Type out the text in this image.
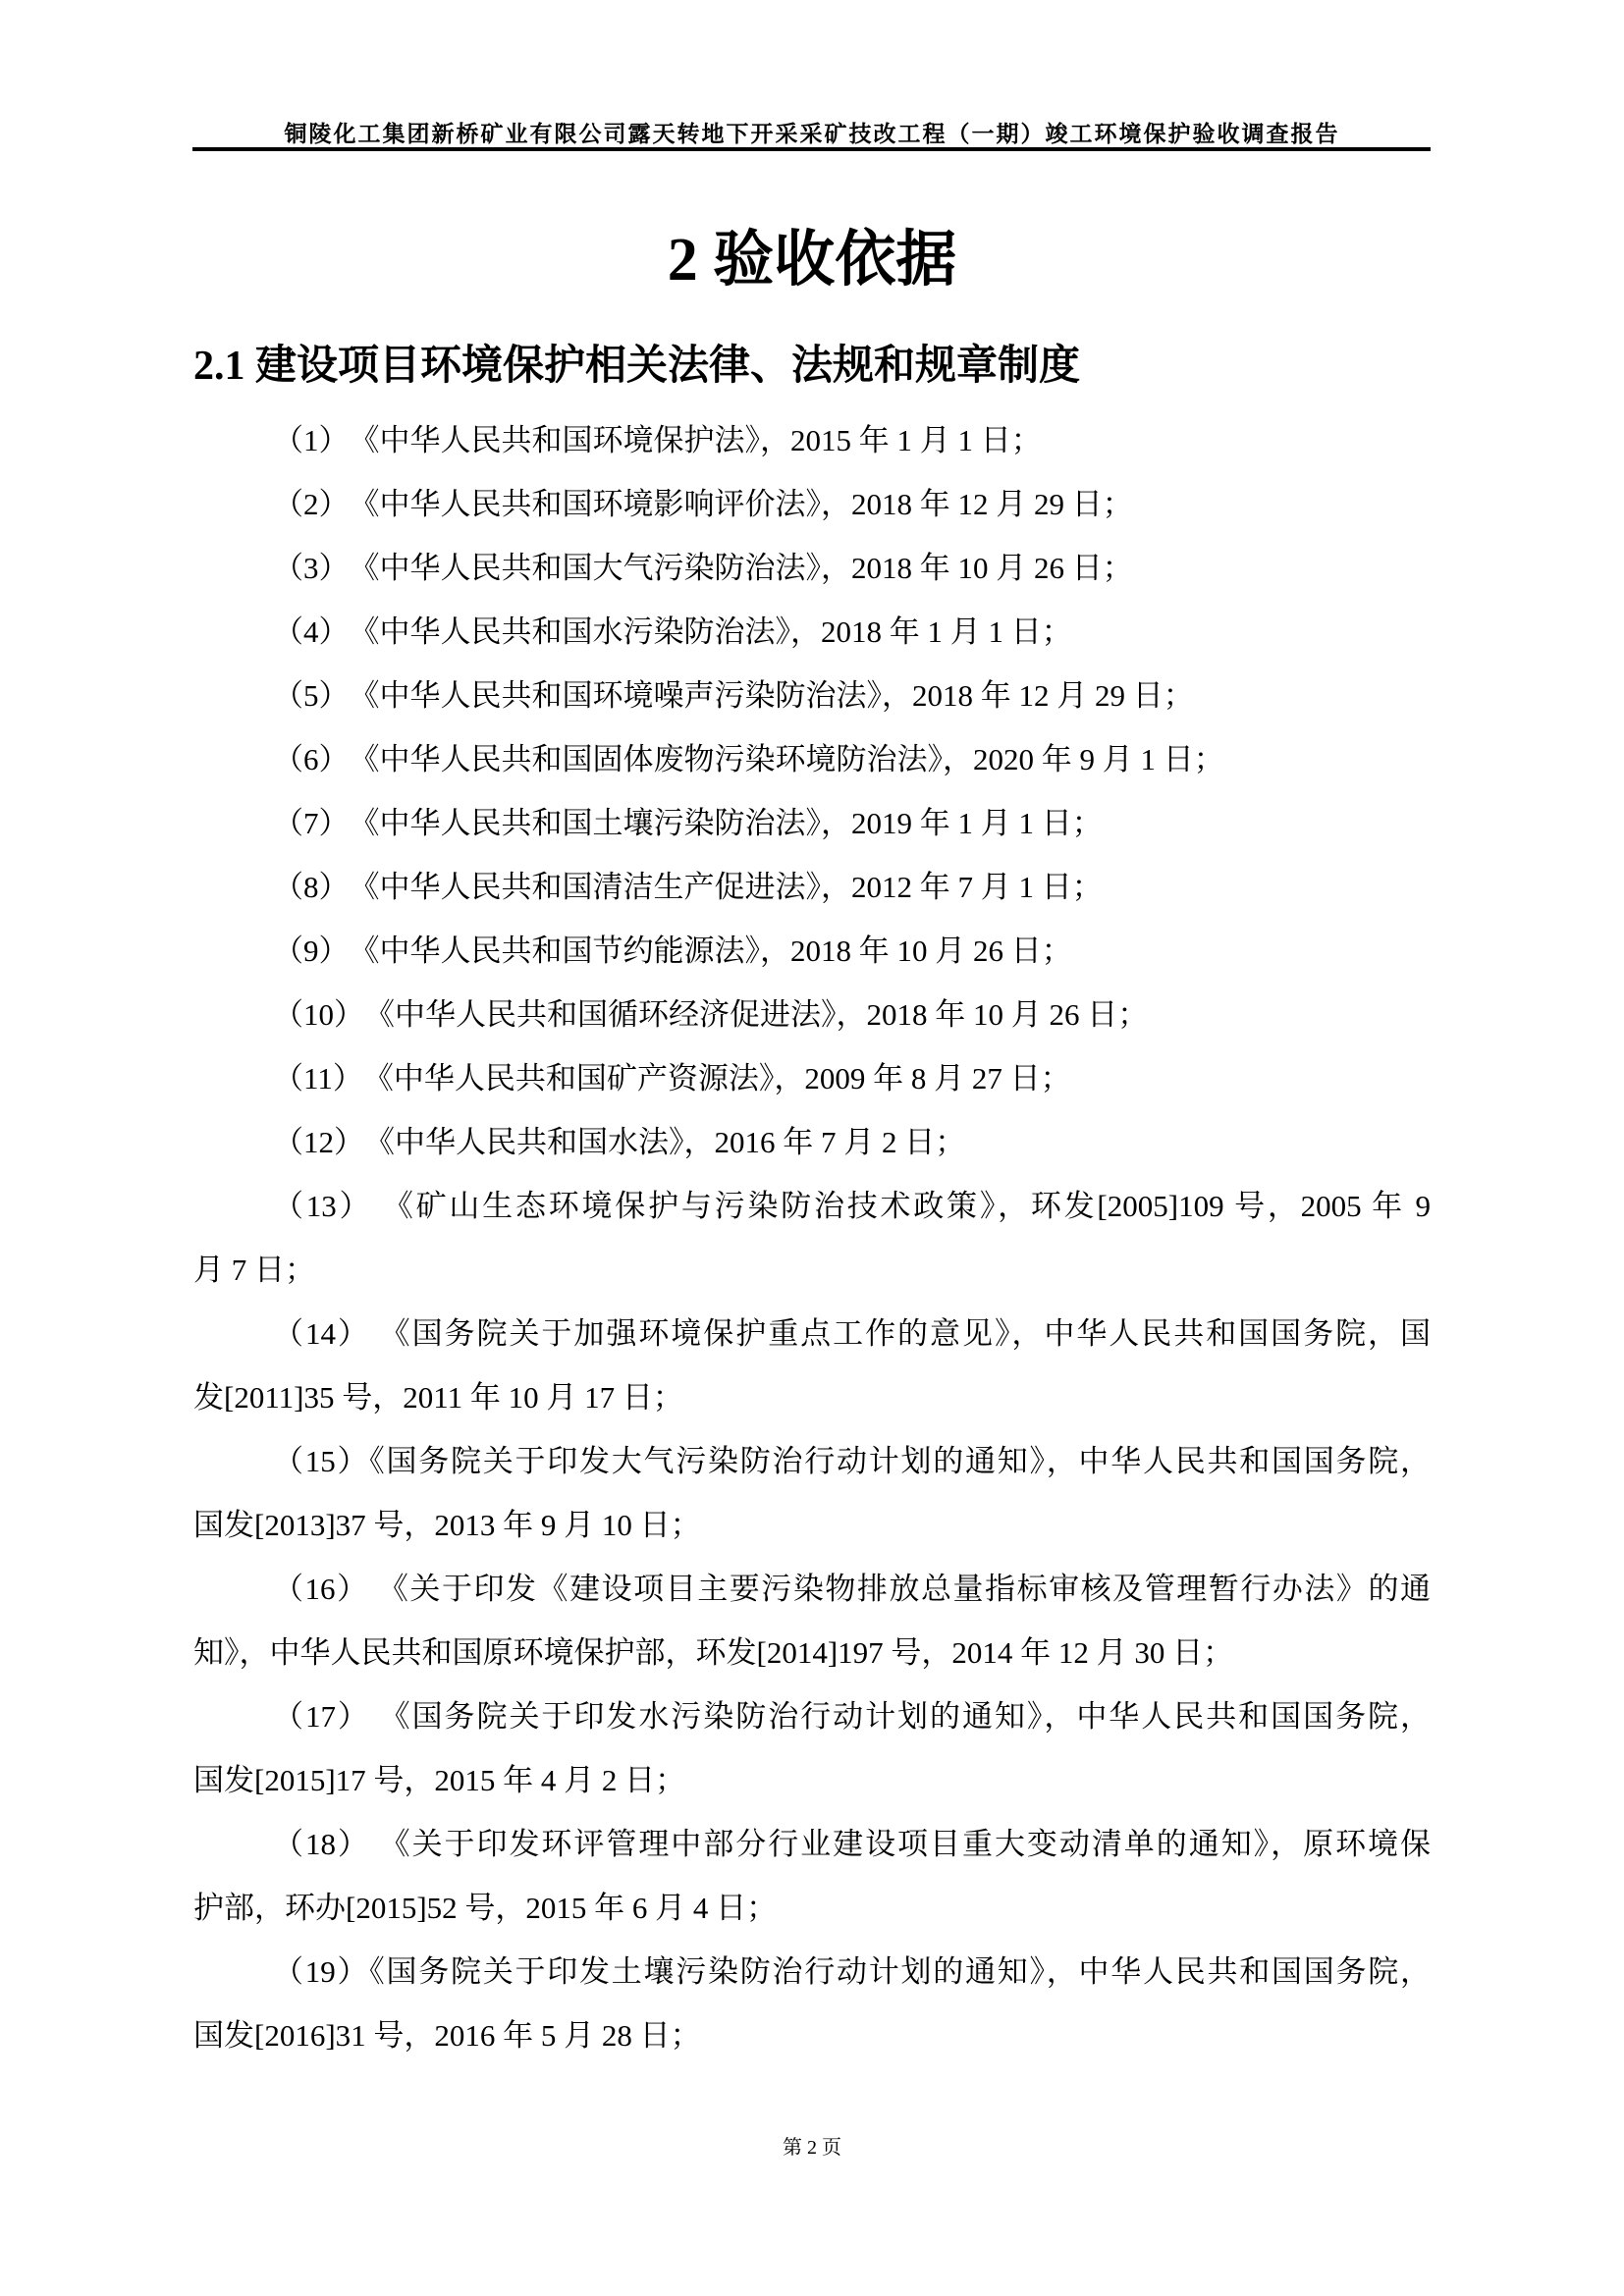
铜陵化工集团新桥矿业有限公司露天转地下开采采矿技改工程（一期）竣工环境保护验收调查报告
2 验收依据
2.1 建设项目环境保护相关法律、法规和规章制度
（1）　《中华人民共和国环境保护法》，2015 年 1 月 1 日；
（2）　《中华人民共和国环境影响评价法》，2018 年 12 月 29 日；
（3）　《中华人民共和国大气污染防治法》，2018 年 10 月 26 日；
（4）　《中华人民共和国水污染防治法》，2018 年 1 月 1 日；
（5）　《中华人民共和国环境噪声污染防治法》，2018 年 12 月 29 日；
（6）　《中华人民共和国固体废物污染环境防治法》，2020 年 9 月 1 日；
（7）　《中华人民共和国土壤污染防治法》，2019 年 1 月 1 日；
（8）　《中华人民共和国清洁生产促进法》，2012 年 7 月 1 日；
（9）　《中华人民共和国节约能源法》，2018 年 10 月 26 日；
（10）　《中华人民共和国循环经济促进法》，2018 年 10 月 26 日；
（11）　《中华人民共和国矿产资源法》，2009 年 8 月 27 日；
（12）　《中华人民共和国水法》，2016 年 7 月 2 日；
（13） 《矿山生态环境保护与污染防治技术政策》，环发[2005]109 号，2005 年 9
月 7 日；
（14） 《国务院关于加强环境保护重点工作的意见》，中华人民共和国国务院，国
发[2011]35 号，2011 年 10 月 17 日；
（15）《国务院关于印发大气污染防治行动计划的通知》，中华人民共和国国务院，
国发[2013]37 号，2013 年 9 月 10 日；
（16） 《关于印发《建设项目主要污染物排放总量指标审核及管理暂行办法》的通
知》，中华人民共和国原环境保护部，环发[2014]197 号，2014 年 12 月 30 日；
（17） 《国务院关于印发水污染防治行动计划的通知》，中华人民共和国国务院，
国发[2015]17 号，2015 年 4 月 2 日；
（18） 《关于印发环评管理中部分行业建设项目重大变动清单的通知》，原环境保
护部，环办[2015]52 号，2015 年 6 月 4 日；
（19）《国务院关于印发土壤污染防治行动计划的通知》，中华人民共和国国务院，
国发[2016]31 号，2016 年 5 月 28 日；
第 2 页
